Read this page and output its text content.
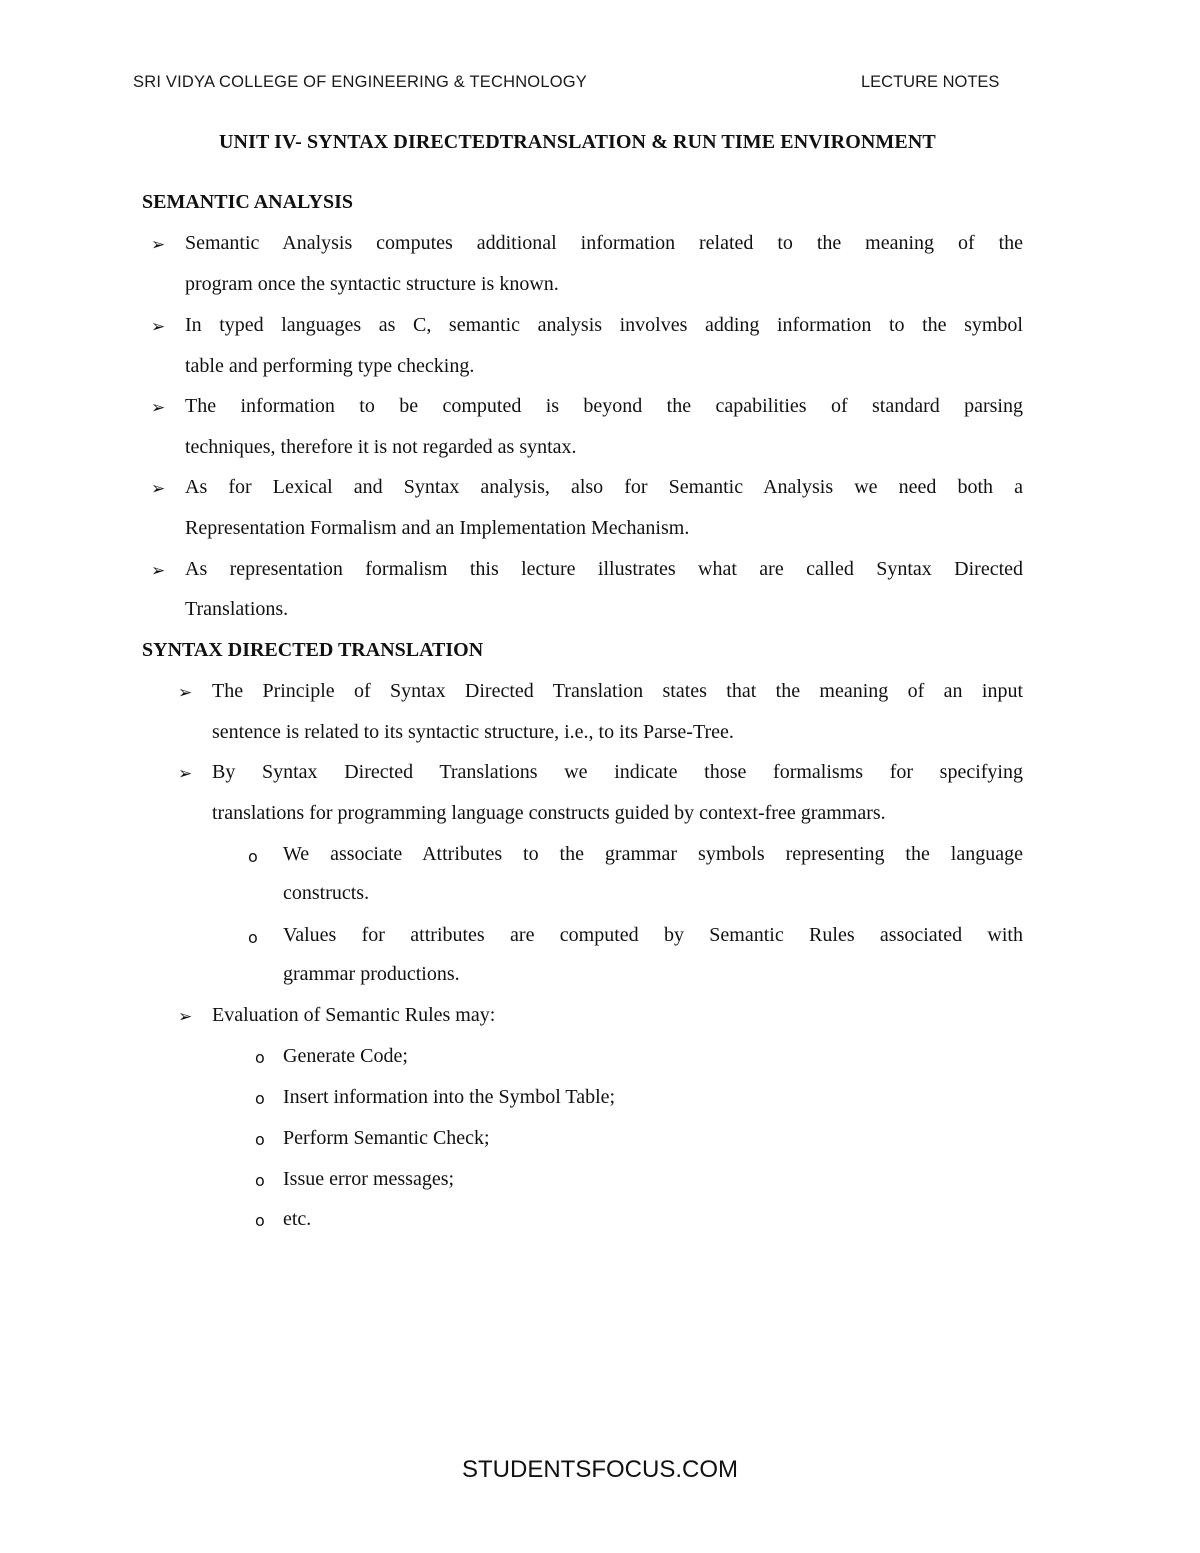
SRI VIDYA COLLEGE OF ENGINEERING & TECHNOLOGY	LECTURE NOTES
UNIT IV- SYNTAX DIRECTEDTRANSLATION & RUN TIME ENVIRONMENT
SEMANTIC ANALYSIS
➢ Semantic Analysis computes additional information related to the meaning of the
program once the syntactic structure is known.
➢ In typed languages as C, semantic analysis involves adding information to the symbol
table and performing type checking.
➢ The information to be computed is beyond the capabilities of standard parsing
techniques, therefore it is not regarded as syntax.
➢ As for Lexical and Syntax analysis, also for Semantic Analysis we need both a
Representation Formalism and an Implementation Mechanism.
➢ As representation formalism this lecture illustrates what are called Syntax Directed
Translations.
SYNTAX DIRECTED TRANSLATION
➢ The Principle of Syntax Directed Translation states that the meaning of an input
sentence is related to its syntactic structure, i.e., to its Parse-Tree.
➢ By Syntax Directed Translations we indicate those formalisms for specifying
translations for programming language constructs guided by context-free grammars.
o We associate Attributes to the grammar symbols representing the language
constructs.
o Values for attributes are computed by Semantic Rules associated with
grammar productions.
➢ Evaluation of Semantic Rules may:
o Generate Code;
o Insert information into the Symbol Table;
o Perform Semantic Check;
o Issue error messages;
o etc.
STUDENTSFOCUS.COM
